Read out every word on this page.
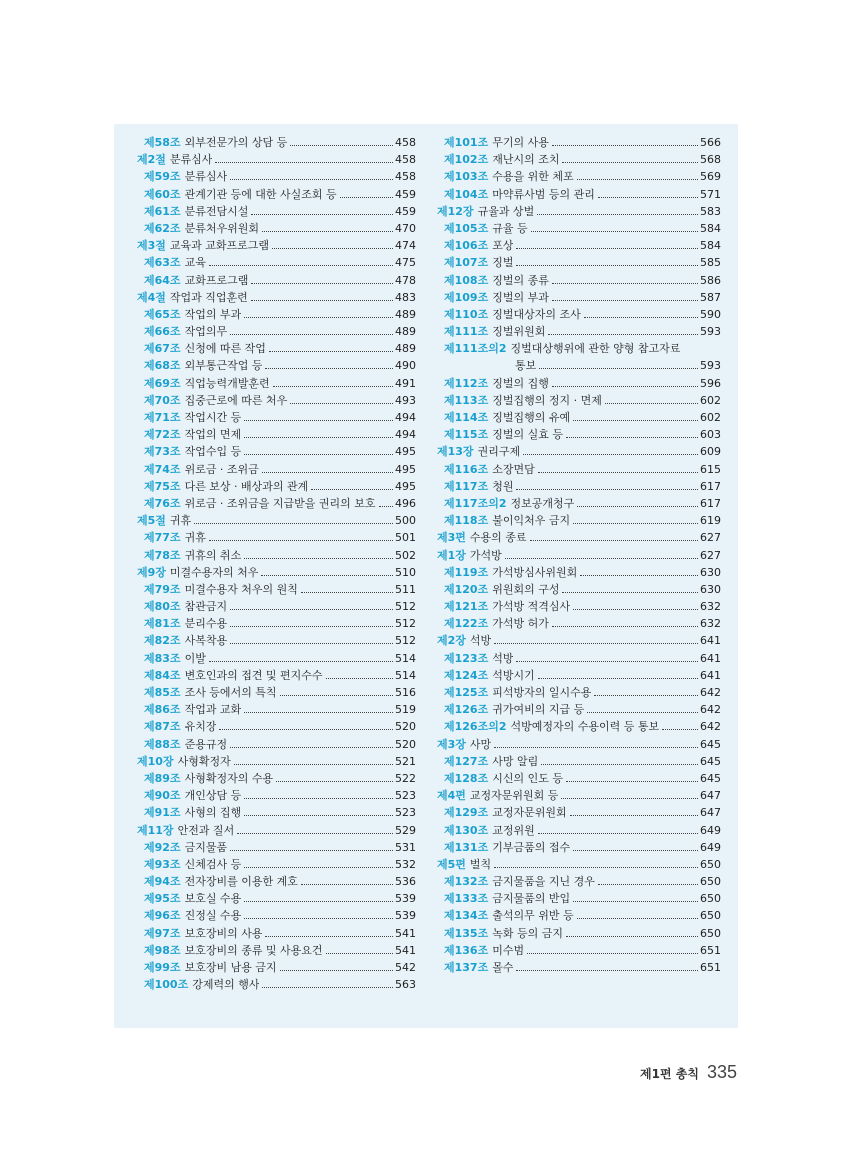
제58조 외부전문가의 상담 등	458
제2절 분류심사	458
제59조 분류심사	458
제60조 관계기관 등에 대한 사실조회 등	459
제61조 분류전담시설	459
제62조 분류처우위원회	470
제3절 교육과 교화프로그램	474
제63조 교육	475
제64조 교화프로그램	478
제4절 작업과 직업훈련	483
제65조 작업의 부과	489
제66조 작업의무	489
제67조 신청에 따른 작업	489
제68조 외부통근작업 등	490
제69조 직업능력개발훈련	491
제70조 집중근로에 따른 처우	493
제71조 작업시간 등	494
제72조 작업의 면제	494
제73조 작업수입 등	495
제74조 위로금 · 조위금	495
제75조 다른 보상 · 배상과의 관계	495
제76조 위로금 · 조위금을 지급받을 권리의 보호 496
제5절 귀휴	500
제77조 귀휴	501
제78조 귀휴의 취소	502
제9장 미결수용자의 처우	510
제79조 미결수용자 처우의 원칙	511
제80조 참관금지	512
제81조 분리수용	512
제82조 사복착용	512
제83조 이발	514
제84조 변호인과의 접견 및 편지수수	514
제85조 조사 등에서의 특칙	516
제86조 작업과 교화	519
제87조 유치장	520
제88조 준용규정	520
제10장 사형확정자	521
제89조 사형확정자의 수용	522
제90조 개인상담 등	523
제91조 사형의 집행	523
제11장 안전과 질서	529
제92조 금지물품	531
제93조 신체검사 등	532
제94조 전자장비를 이용한 계호	536
제95조 보호실 수용	539
제96조 진정실 수용	539
제97조 보호장비의 사용	541
제98조 보호장비의 종류 및 사용요건	541
제99조 보호장비 남용 금지	542
제100조 강제력의 행사	563
제101조 무기의 사용	566
제102조 재난시의 조치	568
제103조 수용을 위한 체포	569
제104조 마약류사범 등의 관리	571
제12장 규율과 상벌	583
제105조 규율 등	584
제106조 포상	584
제107조 징벌	585
제108조 징벌의 종류	586
제109조 징벌의 부과	587
제110조 징벌대상자의 조사	590
제111조 징벌위원회	593
제111조의2 징벌대상행위에 관한 양형 참고자료
통보	593
제112조 징벌의 집행	596
제113조 징벌집행의 정지 · 면제	602
제114조 징벌집행의 유예	602
제115조 징벌의 실효 등	603
제13장 권리구제	609
제116조 소장면담	615
제117조 청원	617
제117조의2 정보공개청구	617
제118조 불이익처우 금지	619
제3편 수용의 종료	627
제1장 가석방	627
제119조 가석방심사위원회	630
제120조 위원회의 구성	630
제121조 가석방 적격심사	632
제122조 가석방 허가	632
제2장 석방	641
제123조 석방	641
제124조 석방시기	641
제125조 피석방자의 일시수용	642
제126조 귀가여비의 지급 등	642
제126조의2 석방예정자의 수용이력 등 통보	642
제3장 사망	645
제127조 사망 알림	645
제128조 시신의 인도 등	645
제4편 교정자문위원회 등	647
제129조 교정자문위원회	647
제130조 교정위원	649
제131조 기부금품의 접수	649
제5편 벌칙	650
제132조 금지물품을 지닌 경우	650
제133조 금지물품의 반입	650
제134조 출석의무 위반 등	650
제135조 녹화 등의 금지	650
제136조 미수범	651
제137조 몰수	651
제1편 총칙 335
